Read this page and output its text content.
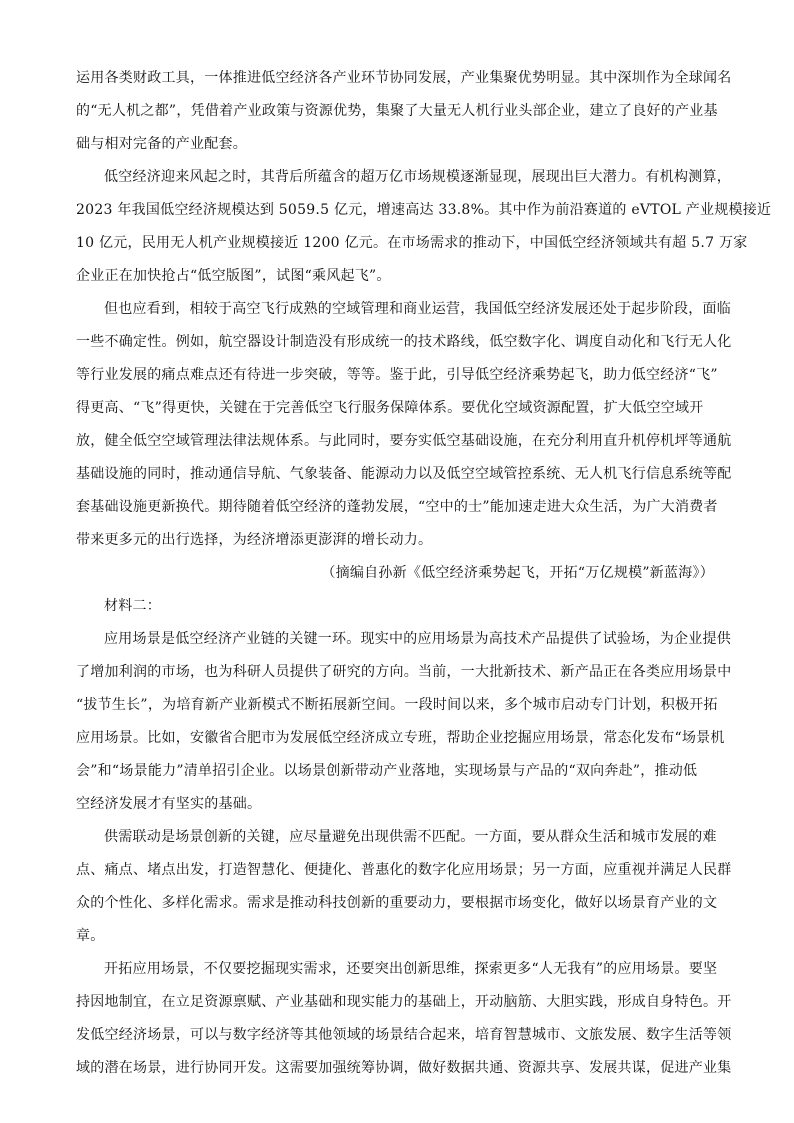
运用各类财政工具，一体推进低空经济各产业环节协同发展，产业集聚优势明显。其中深圳作为全球闻名
的“无人机之都”，凭借着产业政策与资源优势，集聚了大量无人机行业头部企业，建立了良好的产业基
础与相对完备的产业配套。
低空经济迎来风起之时，其背后所蕴含的超万亿市场规模逐渐显现，展现出巨大潜力。有机构测算，
2023 年我国低空经济规模达到 5059.5 亿元，增速高达 33.8%。其中作为前沿赛道的 eVTOL 产业规模接近
10 亿元，民用无人机产业规模接近 1200 亿元。在市场需求的推动下，中国低空经济领域共有超 5.7 万家
企业正在加快抢占“低空版图”，试图“乘风起飞”。
但也应看到，相较于高空飞行成熟的空域管理和商业运营，我国低空经济发展还处于起步阶段，面临
一些不确定性。例如，航空器设计制造没有形成统一的技术路线，低空数字化、调度自动化和飞行无人化
等行业发展的痛点难点还有待进一步突破，等等。鉴于此，引导低空经济乘势起飞，助力低空经济“飞”
得更高、“飞”得更快，关键在于完善低空飞行服务保障体系。要优化空域资源配置，扩大低空空域开
放，健全低空空域管理法律法规体系。与此同时，要夯实低空基础设施，在充分利用直升机停机坪等通航
基础设施的同时，推动通信导航、气象装备、能源动力以及低空空域管控系统、无人机飞行信息系统等配
套基础设施更新换代。期待随着低空经济的蓬勃发展，“空中的士”能加速走进大众生活，为广大消费者
带来更多元的出行选择，为经济增添更澎湃的增长动力。
（摘编自孙新《低空经济乘势起飞，开拓“万亿规模”新蓝海》）
材料二：
应用场景是低空经济产业链的关键一环。现实中的应用场景为高技术产品提供了试验场，为企业提供
了增加利润的市场，也为科研人员提供了研究的方向。当前，一大批新技术、新产品正在各类应用场景中
“拔节生长”，为培育新产业新模式不断拓展新空间。一段时间以来，多个城市启动专门计划，积极开拓
应用场景。比如，安徽省合肥市为发展低空经济成立专班，帮助企业挖掘应用场景，常态化发布“场景机
会”和“场景能力”清单招引企业。以场景创新带动产业落地，实现场景与产品的“双向奔赴”，推动低
空经济发展才有坚实的基础。
供需联动是场景创新的关键，应尽量避免出现供需不匹配。一方面，要从群众生活和城市发展的难
点、痛点、堵点出发，打造智慧化、便捷化、普惠化的数字化应用场景；另一方面，应重视并满足人民群
众的个性化、多样化需求。需求是推动科技创新的重要动力，要根据市场变化，做好以场景育产业的文
章。
开拓应用场景，不仅要挖掘现实需求，还要突出创新思维，探索更多“人无我有”的应用场景。要坚
持因地制宜，在立足资源禀赋、产业基础和现实能力的基础上，开动脑筋、大胆实践，形成自身特色。开
发低空经济场景，可以与数字经济等其他领域的场景结合起来，培育智慧城市、文旅发展、数字生活等领
域的潜在场景，进行协同开发。这需要加强统筹协调，做好数据共通、资源共享、发展共谋，促进产业集
